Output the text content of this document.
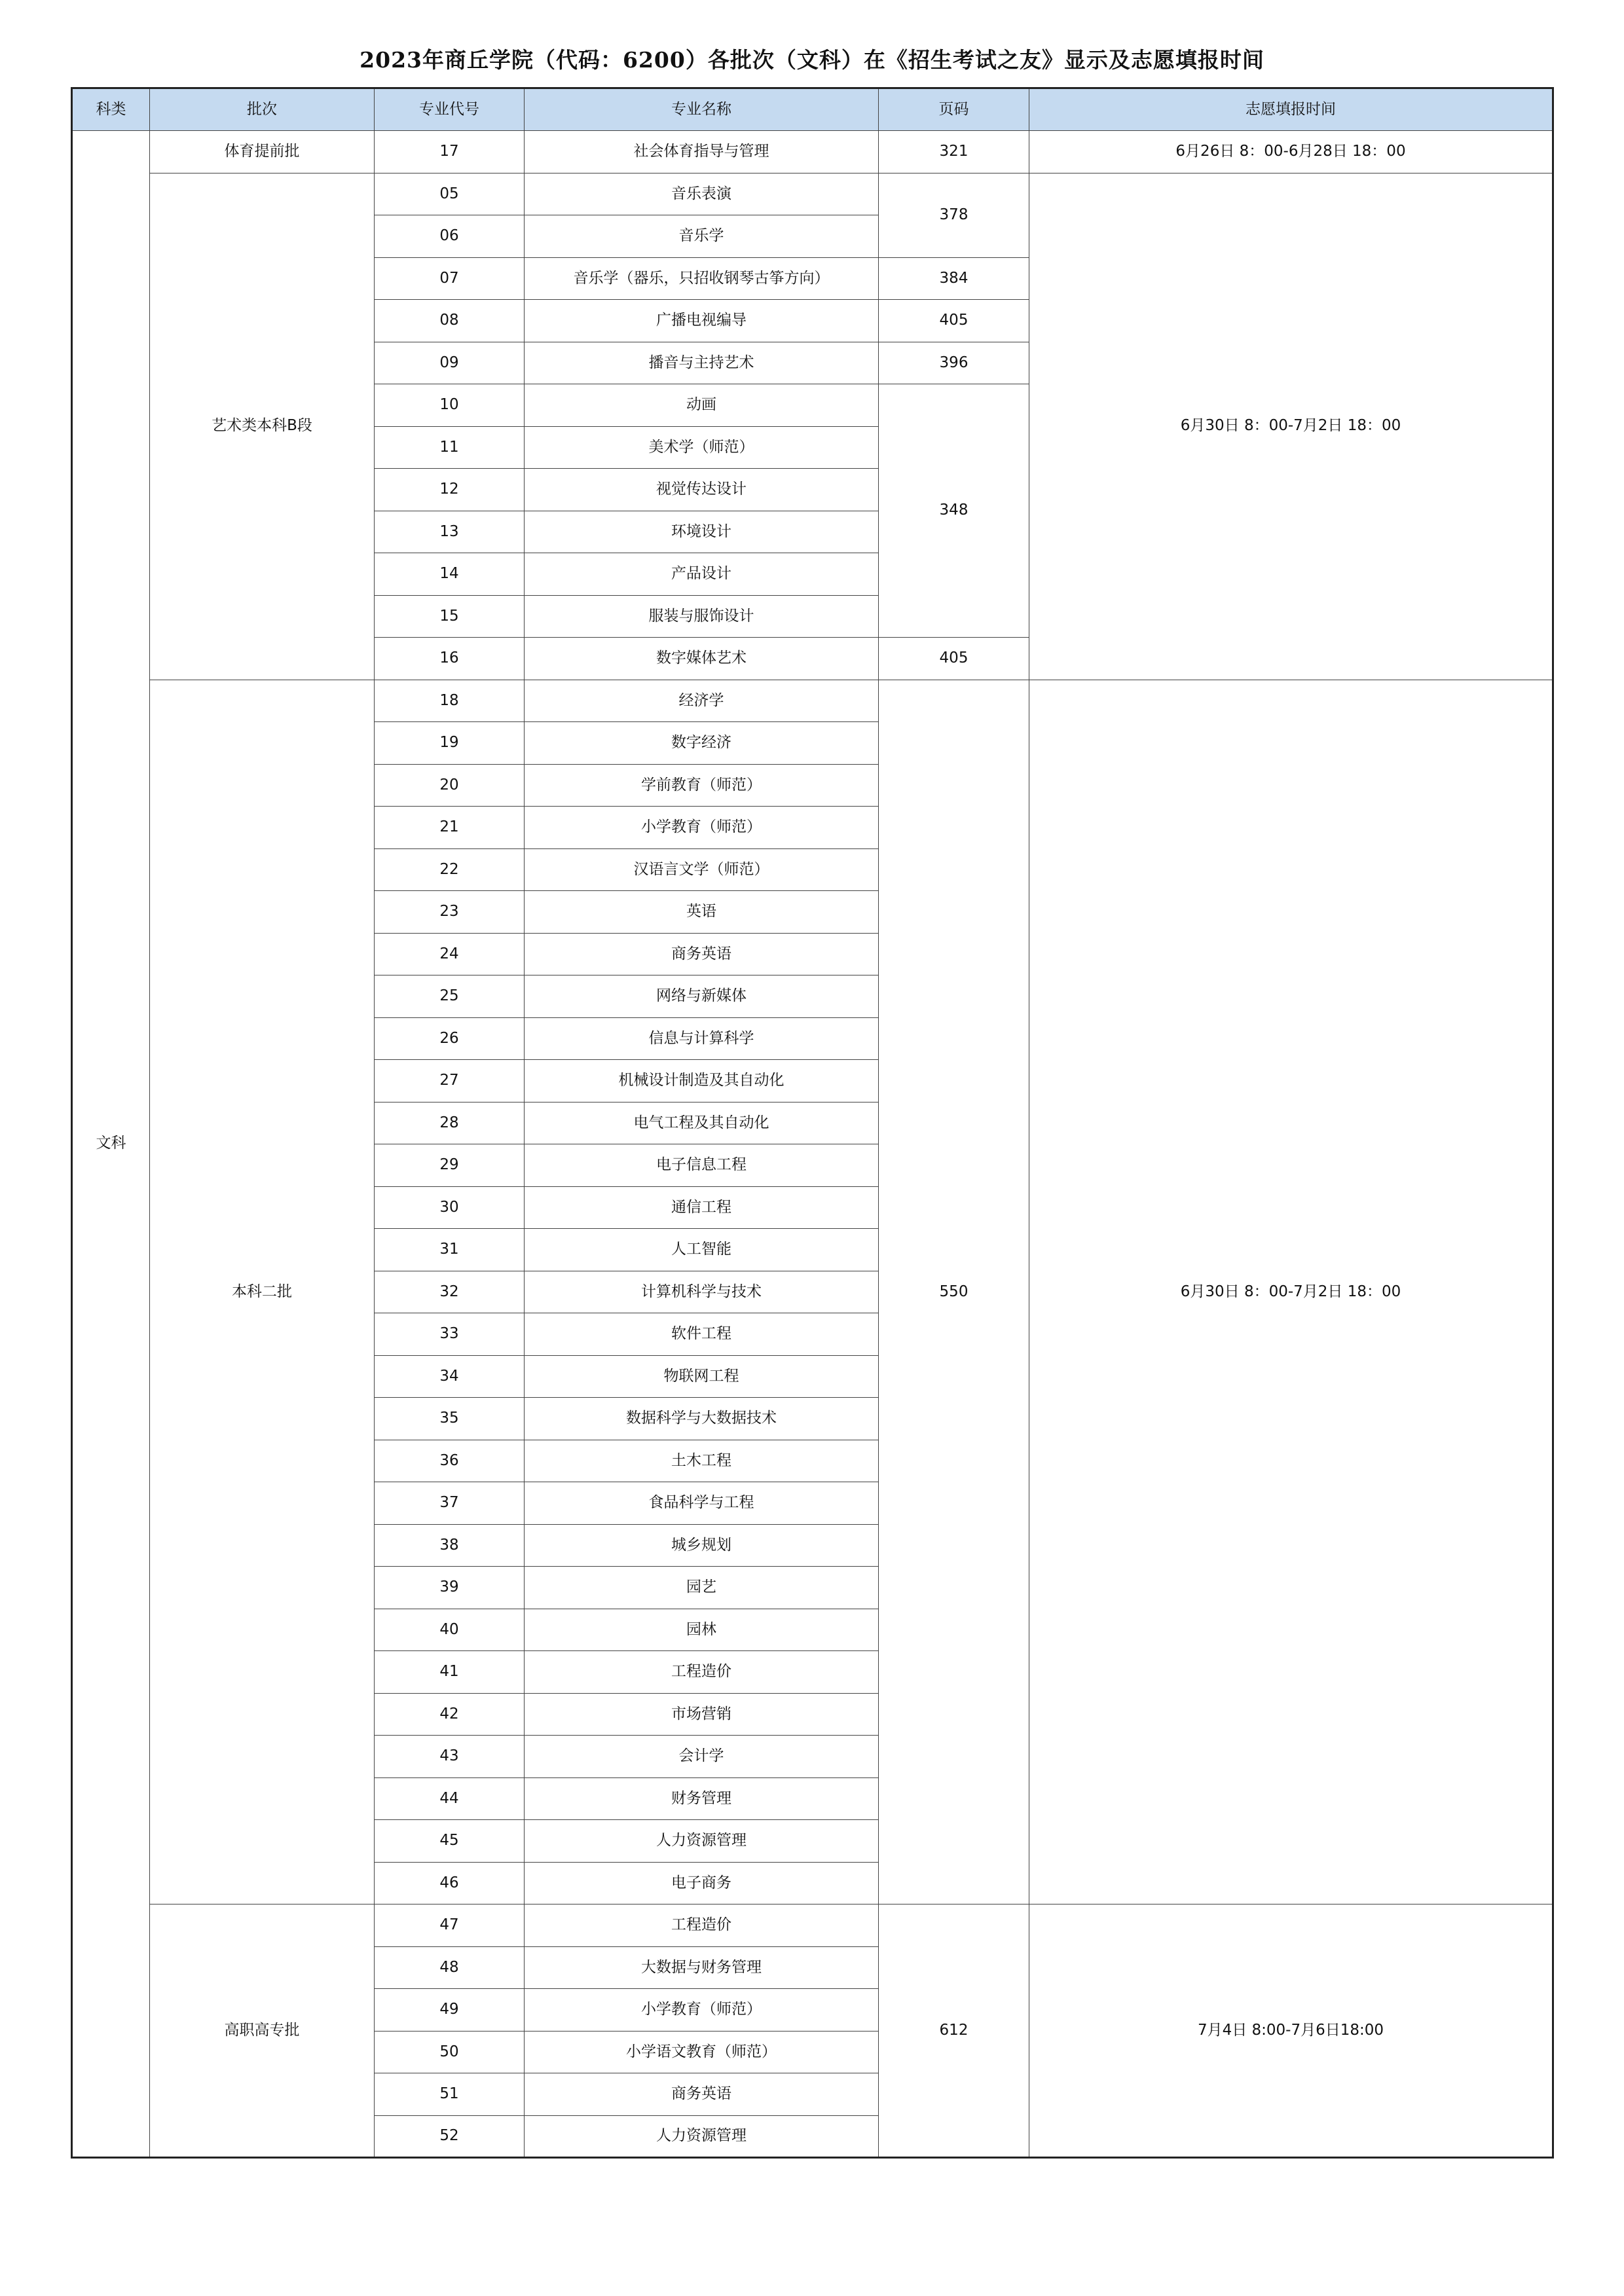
2023年商丘学院（代码：6200）各批次（文科）在《招生考试之友》显示及志愿填报时间
科类	批次	专业代号	专业名称	页码	志愿填报时间
文科	体育提前批	17	社会体育指导与管理	321	6月26日 8：00-6月28日 18：00
	艺术类本科B段	05	音乐表演	378	6月30日 8：00-7月2日 18：00
		06	音乐学		
		07	音乐学（器乐，只招收钢琴古筝方向）	384	
		08	广播电视编导	405	
		09	播音与主持艺术	396	
		10	动画	348	
		11	美术学（师范）		
		12	视觉传达设计		
		13	环境设计		
		14	产品设计		
		15	服装与服饰设计		
		16	数字媒体艺术	405	
	本科二批	18	经济学	550	6月30日 8：00-7月2日 18：00
		19	数字经济		
		20	学前教育（师范）		
		21	小学教育（师范）		
		22	汉语言文学（师范）		
		23	英语		
		24	商务英语		
		25	网络与新媒体		
		26	信息与计算科学		
		27	机械设计制造及其自动化		
		28	电气工程及其自动化		
		29	电子信息工程		
		30	通信工程		
		31	人工智能		
		32	计算机科学与技术		
		33	软件工程		
		34	物联网工程		
		35	数据科学与大数据技术		
		36	土木工程		
		37	食品科学与工程		
		38	城乡规划		
		39	园艺		
		40	园林		
		41	工程造价		
		42	市场营销		
		43	会计学		
		44	财务管理		
		45	人力资源管理		
		46	电子商务		
	高职高专批	47	工程造价	612	7月4日 8:00-7月6日18:00
		48	大数据与财务管理		
		49	小学教育（师范）		
		50	小学语文教育（师范）		
		51	商务英语		
		52	人力资源管理		
